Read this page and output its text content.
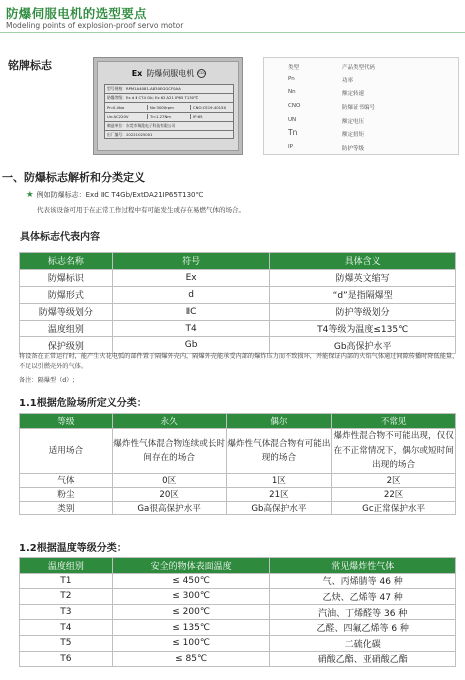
防爆伺服电机的选型要点
Modeling points of explosion-proof servo motor
铭牌标志
Ex 防爆伺服电机 CCC
型号规格：RPM1A4081-A830EGGCF0AA
防爆等级：Ex d Ⅱ CT4 Gb; Ex tD A21 IP65 T130℃
Pn:0.4kw	Nn:3000rpm	CNO:CE19.4015X
Un:AC220V	Tn:1.27Nm	IP:65
制造单位：东莞市瑞派电子科技有限公司
出厂编号：20221025001
类型	产品类型代码
Pn	功率
Nn	额定转速
CNO	防爆证书编号
UN	额定电压
Tn	额定扭矩
IP	防护等级
一、防爆标志解析和分类定义
★ 例如防爆标志：Exd ⅡC T4Gb/ExtDA21IP65T130℃
代表该设备可用于在正常工作过程中有可能发生或存在易燃气体的场合。
具体标志代表内容
标志名称	符号	具体含义
防爆标识	Ex	防爆英文缩写
防爆形式	d	“d”是指隔爆型
防爆等级划分	ⅡC	防护等级划分
温度组别	T4	T4等级为温度≤135℃
保护级别	Gb	Gb高保护水平
将设备在正常运行时，能产生火花电弧的部件置于隔爆外壳内，隔爆外壳能承受内部的爆炸压力而不致损坏，并能保证内部的火焰气体通过间隙传播时降低能量，不足以引燃壳外的气体。
备注：隔爆型（d）;
1.1根据危险场所定义分类：
等级	永久	偶尔	不常见
适用场合	爆炸性气体混合物连续或长时间存在的场合	爆炸性气体混合物有可能出现的场合	爆炸性混合物不可能出现，仅仅在不正常情况下，偶尔或短时间出现的场合
气体	0区	1区	2区
粉尘	20区	21区	22区
类别	Ga很高保护水平	Gb高保护水平	Gc正常保护水平
1.2根据温度等级分类：
温度组别	安全的物体表面温度	常见爆炸性气体
T1	≤ 450℃	气、丙烯腈等 46 种
T2	≤ 300℃	乙炔、乙烯等 47 种
T3	≤ 200℃	汽油、丁烯醛等 36 种
T4	≤ 135℃	乙醛、四氟乙烯等 6 种
T5	≤ 100℃	二硫化碳
T6	≤ 85℃	硝酸乙酯、亚硝酸乙酯
